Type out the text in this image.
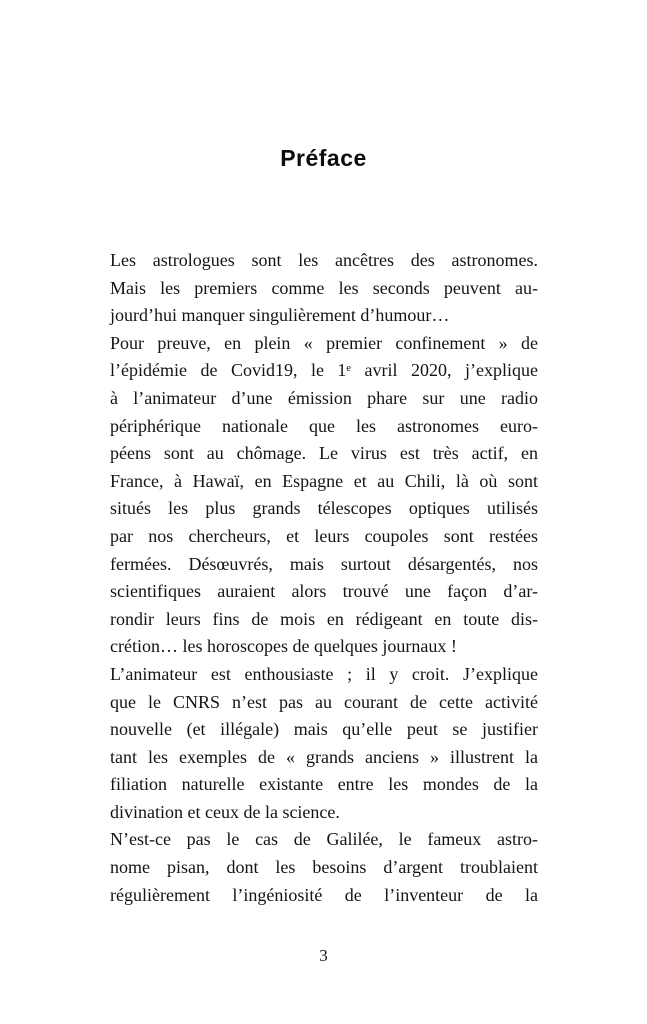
Préface
Les astrologues sont les ancêtres des astronomes.
Mais les premiers comme les seconds peuvent au-
jourd’hui manquer singulièrement d’humour…
Pour preuve, en plein « premier confinement » de
l’épidémie de Covid19, le 1ᵉ avril 2020, j’explique
à l’animateur d’une émission phare sur une radio
périphérique nationale que les astronomes euro-
péens sont au chômage. Le virus est très actif, en
France, à Hawaï, en Espagne et au Chili, là où sont
situés les plus grands télescopes optiques utilisés
par nos chercheurs, et leurs coupoles sont restées
fermées. Désœuvrés, mais surtout désargentés, nos
scientifiques auraient alors trouvé une façon d’ar-
rondir leurs fins de mois en rédigeant en toute dis-
crétion… les horoscopes de quelques journaux !
L’animateur est enthousiaste ; il y croit. J’explique
que le CNRS n’est pas au courant de cette activité
nouvelle (et illégale) mais qu’elle peut se justifier
tant les exemples de « grands anciens » illustrent la
filiation naturelle existante entre les mondes de la
divination et ceux de la science.
N’est-ce pas le cas de Galilée, le fameux astro-
nome pisan, dont les besoins d’argent troublaient
régulièrement l’ingéniosité de l’inventeur de la
3
